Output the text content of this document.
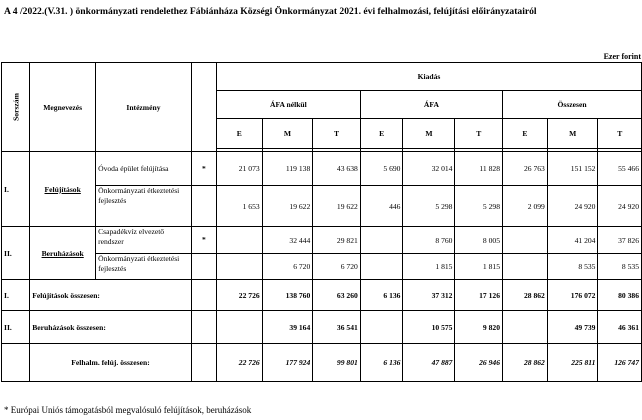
A 4 /2022.(V.31. ) önkormányzati rendelethez Fábiánháza Községi Önkormányzat 2021. évi felhalmozási, felújítási előirányzatairól
Ezer forint
Sorszám	Megnevezés	Intézmény		Kiadás								
				ÁFA nélkül			ÁFA			Összesen		
				E	M	T	E	M	T	E	M	T

I.	Felújítások	Óvoda épület felújítása	*	21 073	119 138	43 638	5 690	32 014	11 828	26 763	151 152	55 466
		Önkormányzati étkeztetési fejlesztés		1 653	19 622	19 622	446	5 298	5 298	2 099	24 920	24 920
II.	Beruházások	Csapadékvíz elvezető rendszer	*		32 444	29 821		8 760	8 005		41 204	37 826
		Önkormányzati étkeztetési fejlesztés			6 720	6 720		1 815	1 815		8 535	8 535
I.	Felújítások összesen:			22 726	138 760	63 260	6 136	37 312	17 126	28 862	176 072	80 386
II.	Beruházások összesen:				39 164	36 541		10 575	9 820		49 739	46 361
	Felhalm. felúj. összesen:			22 726	177 924	99 801	6 136	47 887	26 946	28 862	225 811	126 747
* Európai Uniós támogatásból megvalósuló felújítások, beruházások
